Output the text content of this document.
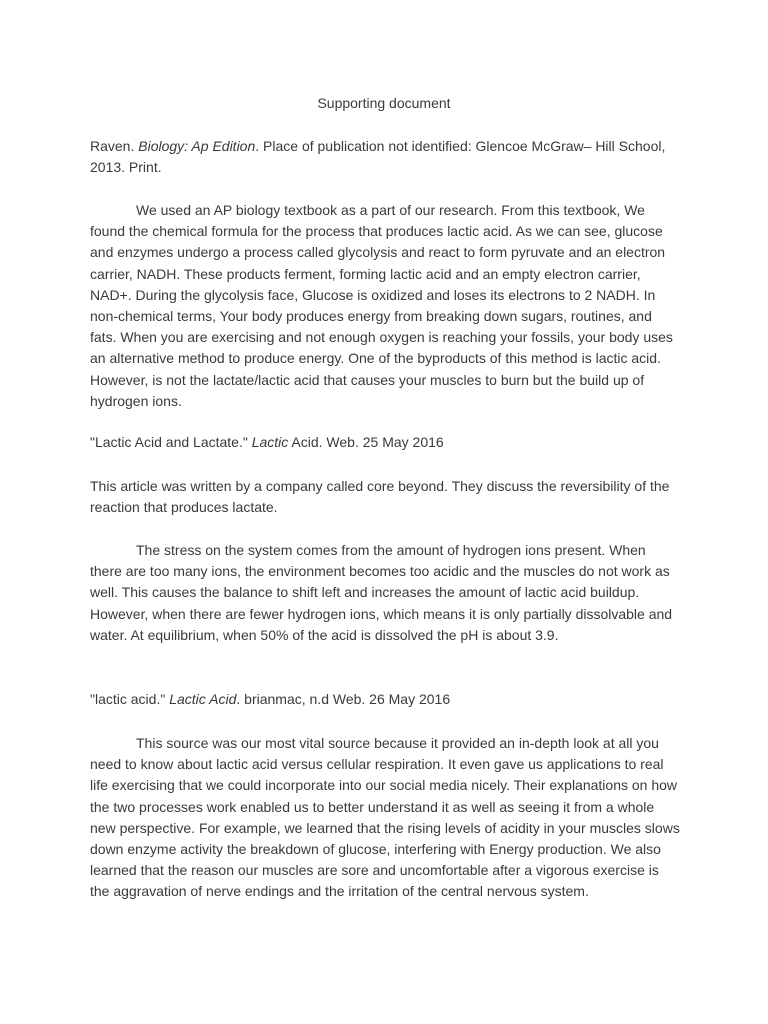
Supporting document

Raven. Biology: Ap Edition. Place of publication not identified: Glencoe McGraw– Hill School, 2013. Print.

We used an AP biology textbook as a part of our research. From this textbook, We found the chemical formula for the process that produces lactic acid. As we can see, glucose and enzymes undergo a process called glycolysis and react to form pyruvate and an electron carrier, NADH. These products ferment, forming lactic acid and an empty electron carrier, NAD+. During the glycolysis face, Glucose is oxidized and loses its electrons to 2 NADH. In non-chemical terms, Your body produces energy from breaking down sugars, routines, and fats. When you are exercising and not enough oxygen is reaching your fossils, your body uses an alternative method to produce energy. One of the byproducts of this method is lactic acid. However, is not the lactate/lactic acid that causes your muscles to burn but the build up of hydrogen ions.

"Lactic Acid and Lactate." Lactic Acid. Web. 25 May 2016

This article was written by a company called core beyond. They discuss the reversibility of the reaction that produces lactate.

The stress on the system comes from the amount of hydrogen ions present. When there are too many ions, the environment becomes too acidic and the muscles do not work as well. This causes the balance to shift left and increases the amount of lactic acid buildup. However, when there are fewer hydrogen ions, which means it is only partially dissolvable and water. At equilibrium, when 50% of the acid is dissolved the pH is about 3.9.

"lactic acid." Lactic Acid. brianmac, n.d Web. 26 May 2016

This source was our most vital source because it provided an in-depth look at all you need to know about lactic acid versus cellular respiration. It even gave us applications to real life exercising that we could incorporate into our social media nicely. Their explanations on how the two processes work enabled us to better understand it as well as seeing it from a whole new perspective. For example, we learned that the rising levels of acidity in your muscles slows down enzyme activity the breakdown of glucose, interfering with Energy production. We also learned that the reason our muscles are sore and uncomfortable after a vigorous exercise is the aggravation of nerve endings and the irritation of the central nervous system.
